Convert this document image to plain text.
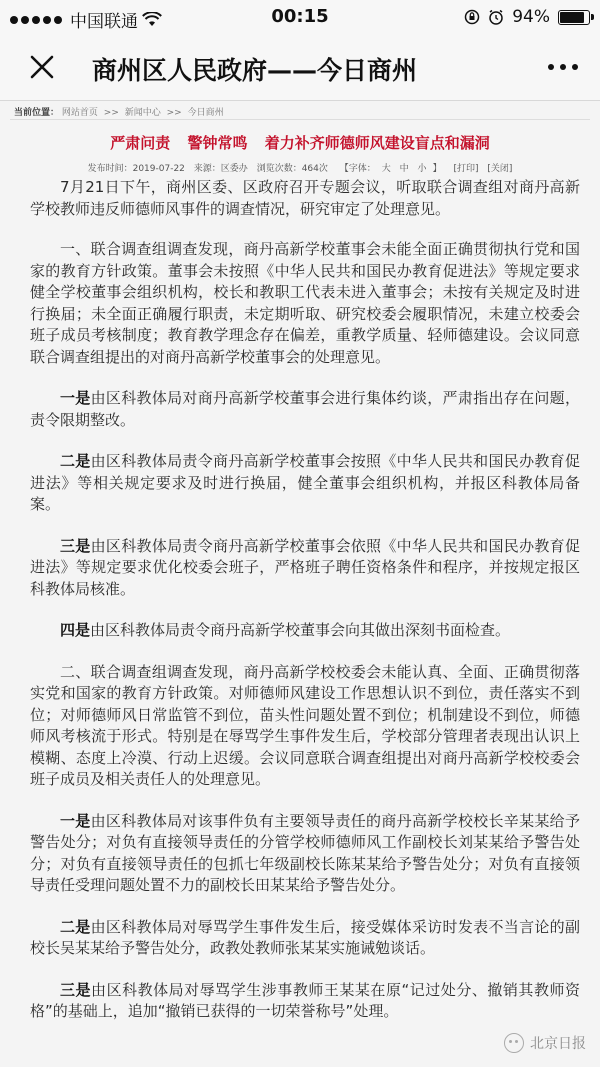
中国联通	00:15	94%
商州区人民政府——今日商州
当前位置： 网站首页 >> 新闻中心 >> 今日商州
严肃问责 警钟常鸣 着力补齐师德师风建设盲点和漏洞
发布时间：2019-07-22 来源：区委办 浏览次数：464次 【字体： 大 中 小 】 [打印] [关闭]

7月21日下午，商州区委、区政府召开专题会议，听取联合调查组对商丹高新学校教师违反师德师风事件的调查情况，研究审定了处理意见。

一、联合调查组调查发现，商丹高新学校董事会未能全面正确贯彻执行党和国家的教育方针政策。董事会未按照《中华人民共和国民办教育促进法》等规定要求健全学校董事会组织机构，校长和教职工代表未进入董事会；未按有关规定及时进行换届；未全面正确履行职责，未定期听取、研究校委会履职情况，未建立校委会班子成员考核制度；教育教学理念存在偏差，重教学质量、轻师德建设。会议同意联合调查组提出的对商丹高新学校董事会的处理意见。

一是由区科教体局对商丹高新学校董事会进行集体约谈，严肃指出存在问题，责令限期整改。

二是由区科教体局责令商丹高新学校董事会按照《中华人民共和国民办教育促进法》等相关规定要求及时进行换届，健全董事会组织机构，并报区科教体局备案。

三是由区科教体局责令商丹高新学校董事会依照《中华人民共和国民办教育促进法》等规定要求优化校委会班子，严格班子聘任资格条件和程序，并按规定报区科教体局核准。

四是由区科教体局责令商丹高新学校董事会向其做出深刻书面检查。

二、联合调查组调查发现，商丹高新学校校委会未能认真、全面、正确贯彻落实党和国家的教育方针政策。对师德师风建设工作思想认识不到位，责任落实不到位；对师德师风日常监管不到位，苗头性问题处置不到位；机制建设不到位，师德师风考核流于形式。特别是在辱骂学生事件发生后，学校部分管理者表现出认识上模糊、态度上冷漠、行动上迟缓。会议同意联合调查组提出对商丹高新学校校委会班子成员及相关责任人的处理意见。

一是由区科教体局对该事件负有主要领导责任的商丹高新学校校长辛某某给予警告处分；对负有直接领导责任的分管学校师德师风工作副校长刘某某给予警告处分；对负有直接领导责任的包抓七年级副校长陈某某给予警告处分；对负有直接领导责任受理问题处置不力的副校长田某某给予警告处分。

二是由区科教体局对辱骂学生事件发生后，接受媒体采访时发表不当言论的副校长吴某某给予警告处分，政教处教师张某某实施诫勉谈话。

三是由区科教体局对辱骂学生涉事教师王某某在原“记过处分、撤销其教师资格”的基础上，追加“撤销已获得的一切荣誉称号”处理。

北京日报
